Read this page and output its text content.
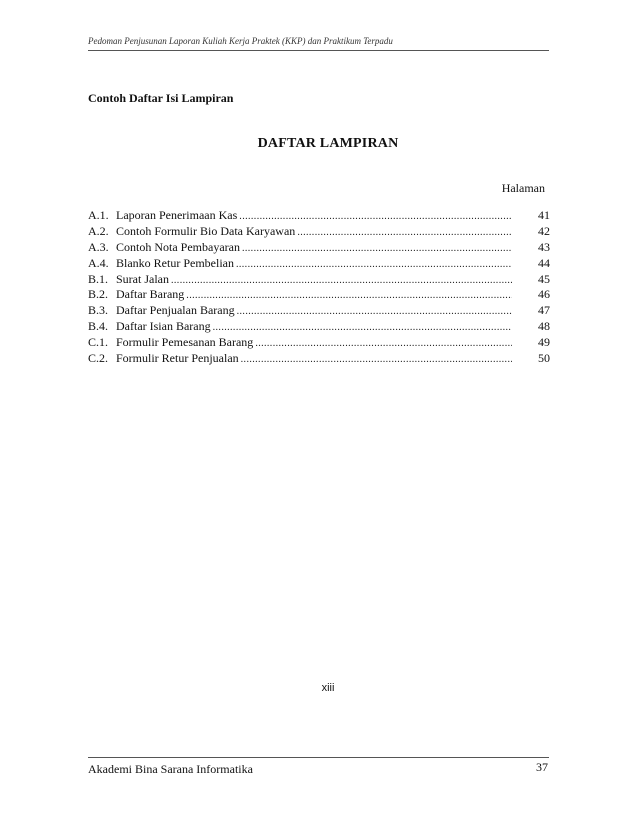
Pedoman Penjusunan Laporan Kuliah Kerja Praktek (KKP) dan Praktikum Terpadu
Contoh Daftar Isi Lampiran
DAFTAR LAMPIRAN
Halaman
A.1. Laporan Penerimaan Kas .....	41
A.2. Contoh Formulir Bio Data Karyawan .....	42
A.3. Contoh Nota Pembayaran .....	43
A.4. Blanko Retur Pembelian .....	44
B.1. Surat Jalan .....	45
B.2. Daftar Barang .....	46
B.3. Daftar Penjualan Barang .....	47
B.4. Daftar Isian Barang .....	48
C.1. Formulir Pemesanan Barang .....	49
C.2. Formulir Retur Penjualan .....	50
xiii
Akademi Bina Sarana Informatika	37
